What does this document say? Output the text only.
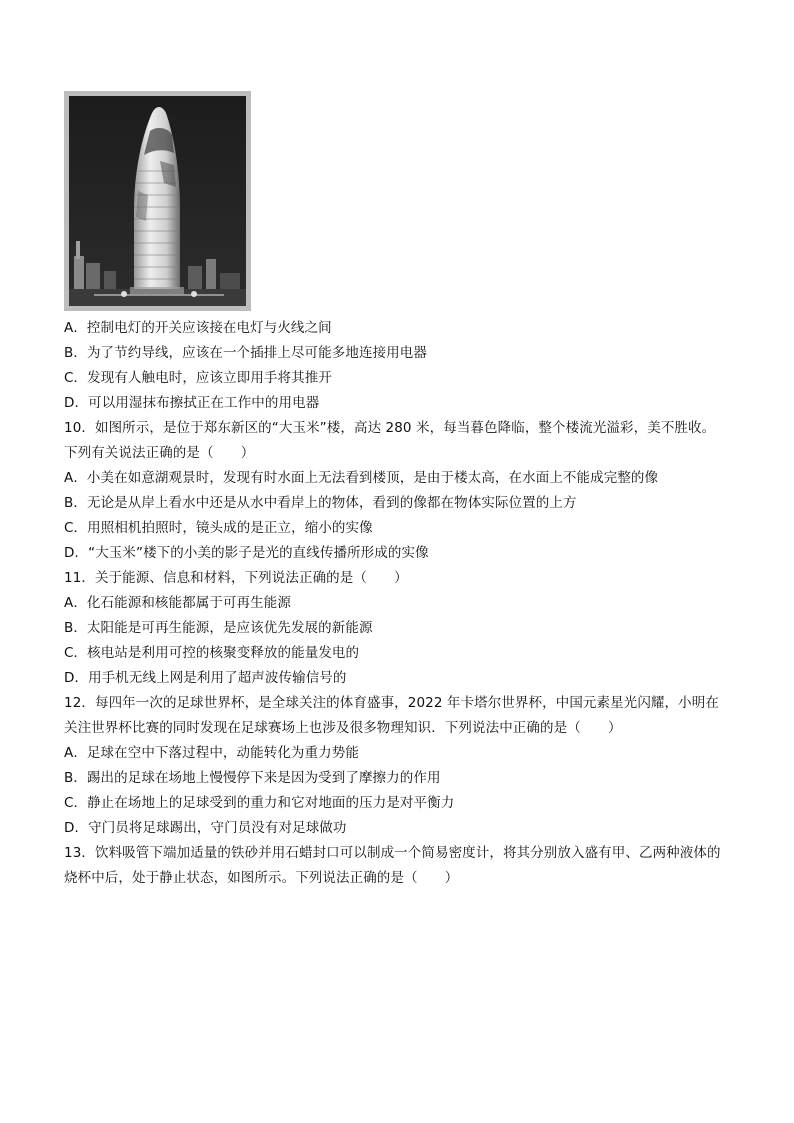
A．控制电灯的开关应该接在电灯与火线之间
B．为了节约导线，应该在一个插排上尽可能多地连接用电器
C．发现有人触电时，应该立即用手将其推开
D．可以用湿抹布擦拭正在工作中的用电器
10．如图所示，是位于郑东新区的“大玉米”楼，高达 280 米，每当暮色降临，整个楼流光溢彩，美不胜收。
下列有关说法正确的是（　　）
A．小美在如意湖观景时，发现有时水面上无法看到楼顶，是由于楼太高，在水面上不能成完整的像
B．无论是从岸上看水中还是从水中看岸上的物体，看到的像都在物体实际位置的上方
C．用照相机拍照时，镜头成的是正立，缩小的实像
D．“大玉米”楼下的小美的影子是光的直线传播所形成的实像
11．关于能源、信息和材料，下列说法正确的是（　　）
A．化石能源和核能都属于可再生能源
B．太阳能是可再生能源，是应该优先发展的新能源
C．核电站是利用可控的核聚变释放的能量发电的
D．用手机无线上网是利用了超声波传输信号的
12．每四年一次的足球世界杯，是全球关注的体育盛事，2022 年卡塔尔世界杯，中国元素星光闪耀，小明在
关注世界杯比赛的同时发现在足球赛场上也涉及很多物理知识．下列说法中正确的是（　　）
A．足球在空中下落过程中，动能转化为重力势能
B．踢出的足球在场地上慢慢停下来是因为受到了摩擦力的作用
C．静止在场地上的足球受到的重力和它对地面的压力是对平衡力
D．守门员将足球踢出，守门员没有对足球做功
13．饮料吸管下端加适量的铁砂并用石蜡封口可以制成一个简易密度计，将其分别放入盛有甲、乙两种液体的
烧杯中后，处于静止状态，如图所示。下列说法正确的是（　　）
